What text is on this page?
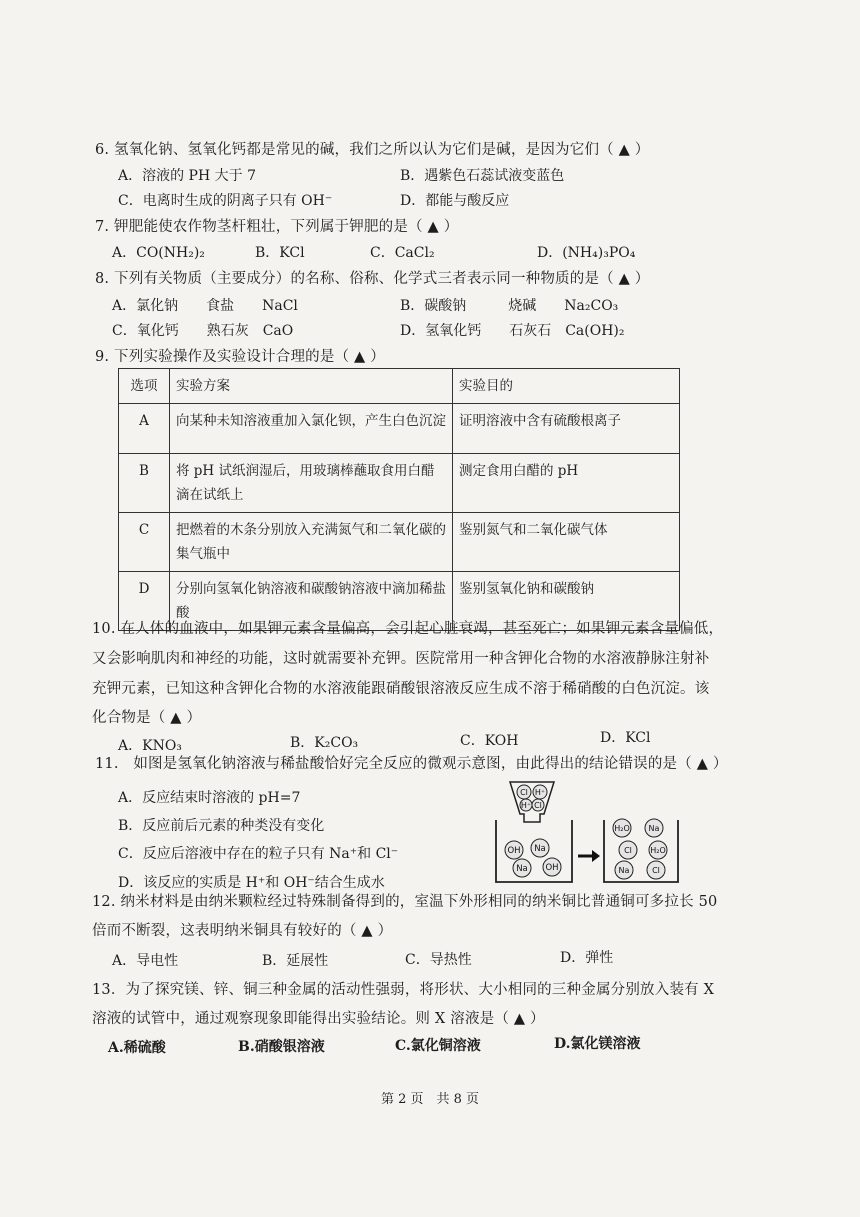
6. 氢氧化钠、氢氧化钙都是常见的碱，我们之所以认为它们是碱，是因为它们（ ▲ ）
A．溶液的 PH 大于 7	B．遇紫色石蕊试液变蓝色
C．电离时生成的阴离子只有 OH⁻	D．都能与酸反应
7. 钾肥能使农作物茎杆粗壮，下列属于钾肥的是（ ▲ ）
A．CO(NH₂)₂	B．KCl	C．CaCl₂	D．(NH₄)₃PO₄
8. 下列有关物质（主要成分）的名称、俗称、化学式三者表示同一种物质的是（ ▲ ）
A．氯化钠　　食盐　　NaCl	B．碳酸钠　　　烧碱　　Na₂CO₃
C．氧化钙　　熟石灰　CaO	D．氢氧化钙　　石灰石　Ca(OH)₂
9. 下列实验操作及实验设计合理的是（ ▲ ）
选项	实验方案	实验目的
A	向某种未知溶液重加入氯化钡，产生白色沉淀	证明溶液中含有硫酸根离子
B	将 pH 试纸润湿后，用玻璃棒蘸取食用白醋滴在试纸上	测定食用白醋的 pH
C	把燃着的木条分别放入充满氮气和二氧化碳的集气瓶中	鉴别氮气和二氧化碳气体
D	分别向氢氧化钠溶液和碳酸钠溶液中滴加稀盐酸	鉴别氢氧化钠和碳酸钠
10. 在人体的血液中，如果钾元素含量偏高，会引起心脏衰竭，甚至死亡；如果钾元素含量偏低，
又会影响肌肉和神经的功能，这时就需要补充钾。医院常用一种含钾化合物的水溶液静脉注射补
充钾元素，已知这种含钾化合物的水溶液能跟硝酸银溶液反应生成不溶于稀硝酸的白色沉淀。该
化合物是（ ▲ ）
A．KNO₃	B．K₂CO₃	C．KOH	D．KCl
11.　如图是氢氧化钠溶液与稀盐酸恰好完全反应的微观示意图，由此得出的结论错误的是（ ▲ ）
A．反应结束时溶液的 pH=7
B．反应前后元素的种类没有变化
C．反应后溶液中存在的粒子只有 Na⁺和 Cl⁻
D．该反应的实质是 H⁺和 OH⁻结合生成水
Cl H⁺
H⁺ Cl
OH Na
Na OH
H₂O Na
Cl H₂O
Na	Cl
12. 纳米材料是由纳米颗粒经过特殊制备得到的，室温下外形相同的纳米铜比普通铜可多拉长 50
倍而不断裂，这表明纳米铜具有较好的（ ▲ ）
A．导电性	B．延展性	C．导热性	D．弹性
13．为了探究镁、锌、铜三种金属的活动性强弱，将形状、大小相同的三种金属分别放入装有 X
溶液的试管中，通过观察现象即能得出实验结论。则 X 溶液是（ ▲ ）
A.稀硫酸	B.硝酸银溶液	C.氯化铜溶液	D.氯化镁溶液
第 2 页　共 8 页
